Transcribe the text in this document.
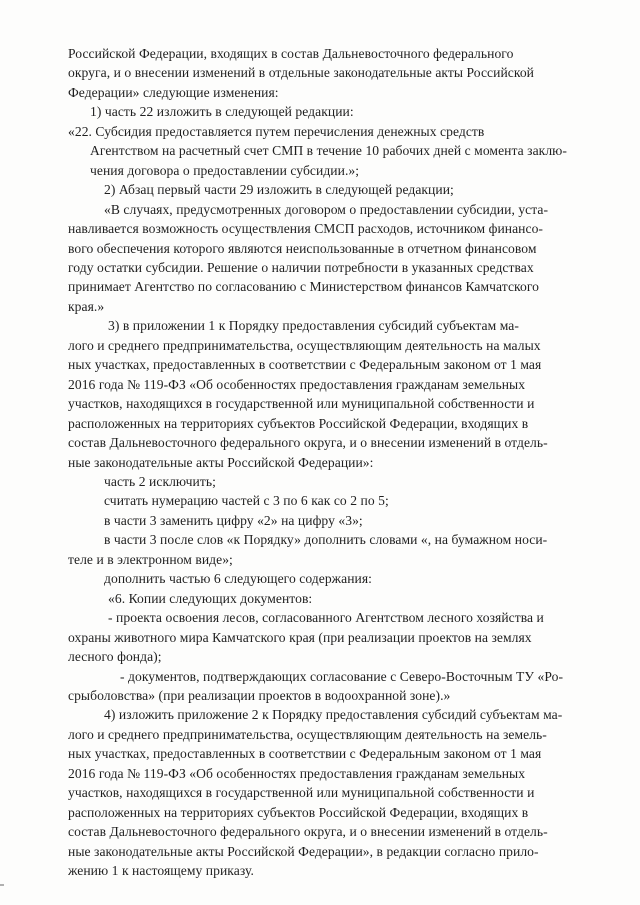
Российской Федерации, входящих в состав Дальневосточного федерального
округа, и о внесении изменений в отдельные законодательные акты Российской
Федерации» следующие изменения:
1) часть 22 изложить в следующей редакции:
«22. Субсидия предоставляется путем перечисления денежных средств
Агентством на расчетный счет СМП в течение 10 рабочих дней с момента заклю-
чения договора о предоставлении субсидии.»;
2) Абзац первый части 29 изложить в следующей редакции;
«В случаях, предусмотренных договором о предоставлении субсидии, уста-
навливается возможность осуществления СМСП расходов, источником финансо-
вого обеспечения которого являются неиспользованные в отчетном финансовом
году остатки субсидии. Решение о наличии потребности в указанных средствах
принимает Агентство по согласованию с Министерством финансов Камчатского
края.»
3) в приложении 1 к Порядку предоставления субсидий субъектам ма-
лого и среднего предпринимательства, осуществляющим деятельность на малых
ных участках, предоставленных в соответствии с Федеральным законом от 1 мая
2016 года № 119-ФЗ «Об особенностях предоставления гражданам земельных
участков, находящихся в государственной или муниципальной собственности и
расположенных на территориях субъектов Российской Федерации, входящих в
состав Дальневосточного федерального округа, и о внесении изменений в отдель-
ные законодательные акты Российской Федерации»:
часть 2 исключить;
считать нумерацию частей с 3 по 6 как со 2 по 5;
в части 3 заменить цифру «2» на цифру «3»;
в части 3 после слов «к Порядку» дополнить словами «, на бумажном носи-
теле и в электронном виде»;
дополнить частью 6 следующего содержания:
«6. Копии следующих документов:
- проекта освоения лесов, согласованного Агентством лесного хозяйства и
охраны животного мира Камчатского края (при реализации проектов на землях
лесного фонда);
- документов, подтверждающих согласование с Северо-Восточным ТУ «Ро-
срыболовства» (при реализации проектов в водоохранной зоне).»
4) изложить приложение 2 к Порядку предоставления субсидий субъектам ма-
лого и среднего предпринимательства, осуществляющим деятельность на земель-
ных участках, предоставленных в соответствии с Федеральным законом от 1 мая
2016 года № 119-ФЗ «Об особенностях предоставления гражданам земельных
участков, находящихся в государственной или муниципальной собственности и
расположенных на территориях субъектов Российской Федерации, входящих в
состав Дальневосточного федерального округа, и о внесении изменений в отдель-
ные законодательные акты Российской Федерации», в редакции согласно прило-
жению 1 к настоящему приказу.
